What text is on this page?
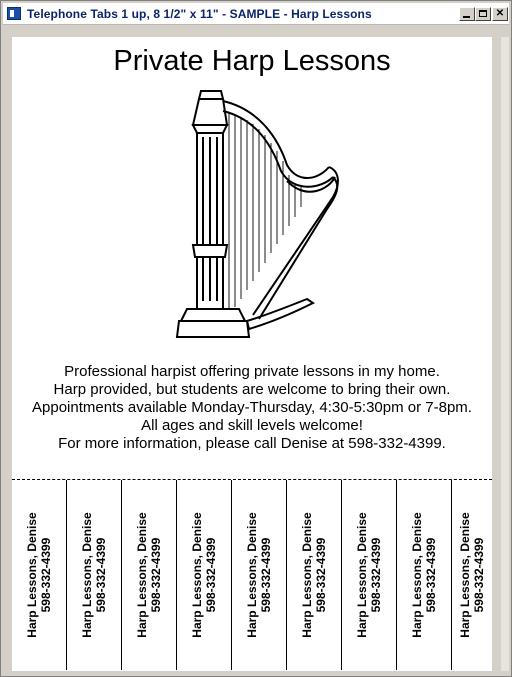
Telephone Tabs 1 up, 8 1/2" x 11" - SAMPLE - Harp Lessons	✕
Private Harp Lessons
Professional harpist offering private lessons in my home.
Harp provided, but students are welcome to bring their own.
Appointments available Monday-Thursday, 4:30-5:30pm or 7-8pm.
All ages and skill levels welcome!
For more information, please call Denise at 598-332-4399.
Harp Lessons, Denise 598-332-4399 Harp Lessons, Denise 598-332-4399 Harp Lessons, Denise 598-332-4399 Harp Lessons, Denise 598-332-4399 Harp Lessons, Denise 598-332-4399 Harp Lessons, Denise 598-332-4399 Harp Lessons, Denise 598-332-4399 Harp Lessons, Denise 598-332-4399 Harp Lessons, Denise 598-332-4399
